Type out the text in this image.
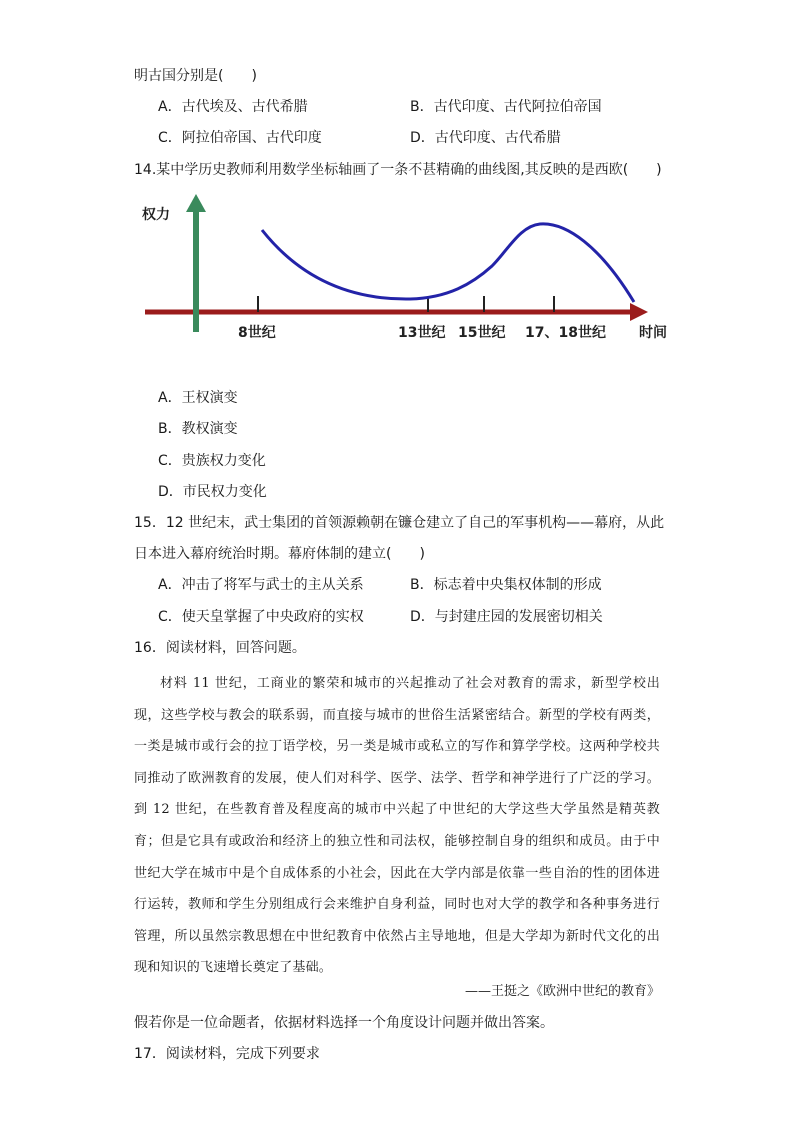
明古国分别是(　　)
A．古代埃及、古代希腊	B．古代印度、古代阿拉伯帝国
C．阿拉伯帝国、古代印度	D．古代印度、古代希腊
14.某中学历史教师利用数学坐标轴画了一条不甚精确的曲线图,其反映的是西欧(　　)
权力
8世纪	13世纪 15世纪 17、18世纪 时间
A．王权演变
B．教权演变
C．贵族权力变化
D．市民权力变化
15．12 世纪末，武士集团的首领源赖朝在镰仓建立了自己的军事机构——幕府，从此
日本进入幕府统治时期。幕府体制的建立(　　)
A．冲击了将军与武士的主从关系	B．标志着中央集权体制的形成
C．使天皇掌握了中央政府的实权	D．与封建庄园的发展密切相关
16．阅读材料，回答问题。
材料 11 世纪，工商业的繁荣和城市的兴起推动了社会对教育的需求，新型学校出现，这些学校与教会的联系弱，而直接与城市的世俗生活紧密结合。新型的学校有两类，一类是城市或行会的拉丁语学校，另一类是城市或私立的写作和算学学校。这两种学校共同推动了欧洲教育的发展，使人们对科学、医学、法学、哲学和神学进行了广泛的学习。到 12 世纪，在些教育普及程度高的城市中兴起了中世纪的大学这些大学虽然是精英教育；但是它具有或政治和经济上的独立性和司法权，能够控制自身的组织和成员。由于中世纪大学在城市中是个自成体系的小社会，因此在大学内部是依靠一些自治的性的团体进行运转，教师和学生分别组成行会来维护自身利益，同时也对大学的教学和各种事务进行管理，所以虽然宗教思想在中世纪教育中依然占主导地地，但是大学却为新时代文化的出现和知识的飞速增长奠定了基础。
——王挺之《欧洲中世纪的教育》
假若你是一位命题者，依据材料选择一个角度设计问题并做出答案。
17．阅读材料，完成下列要求
